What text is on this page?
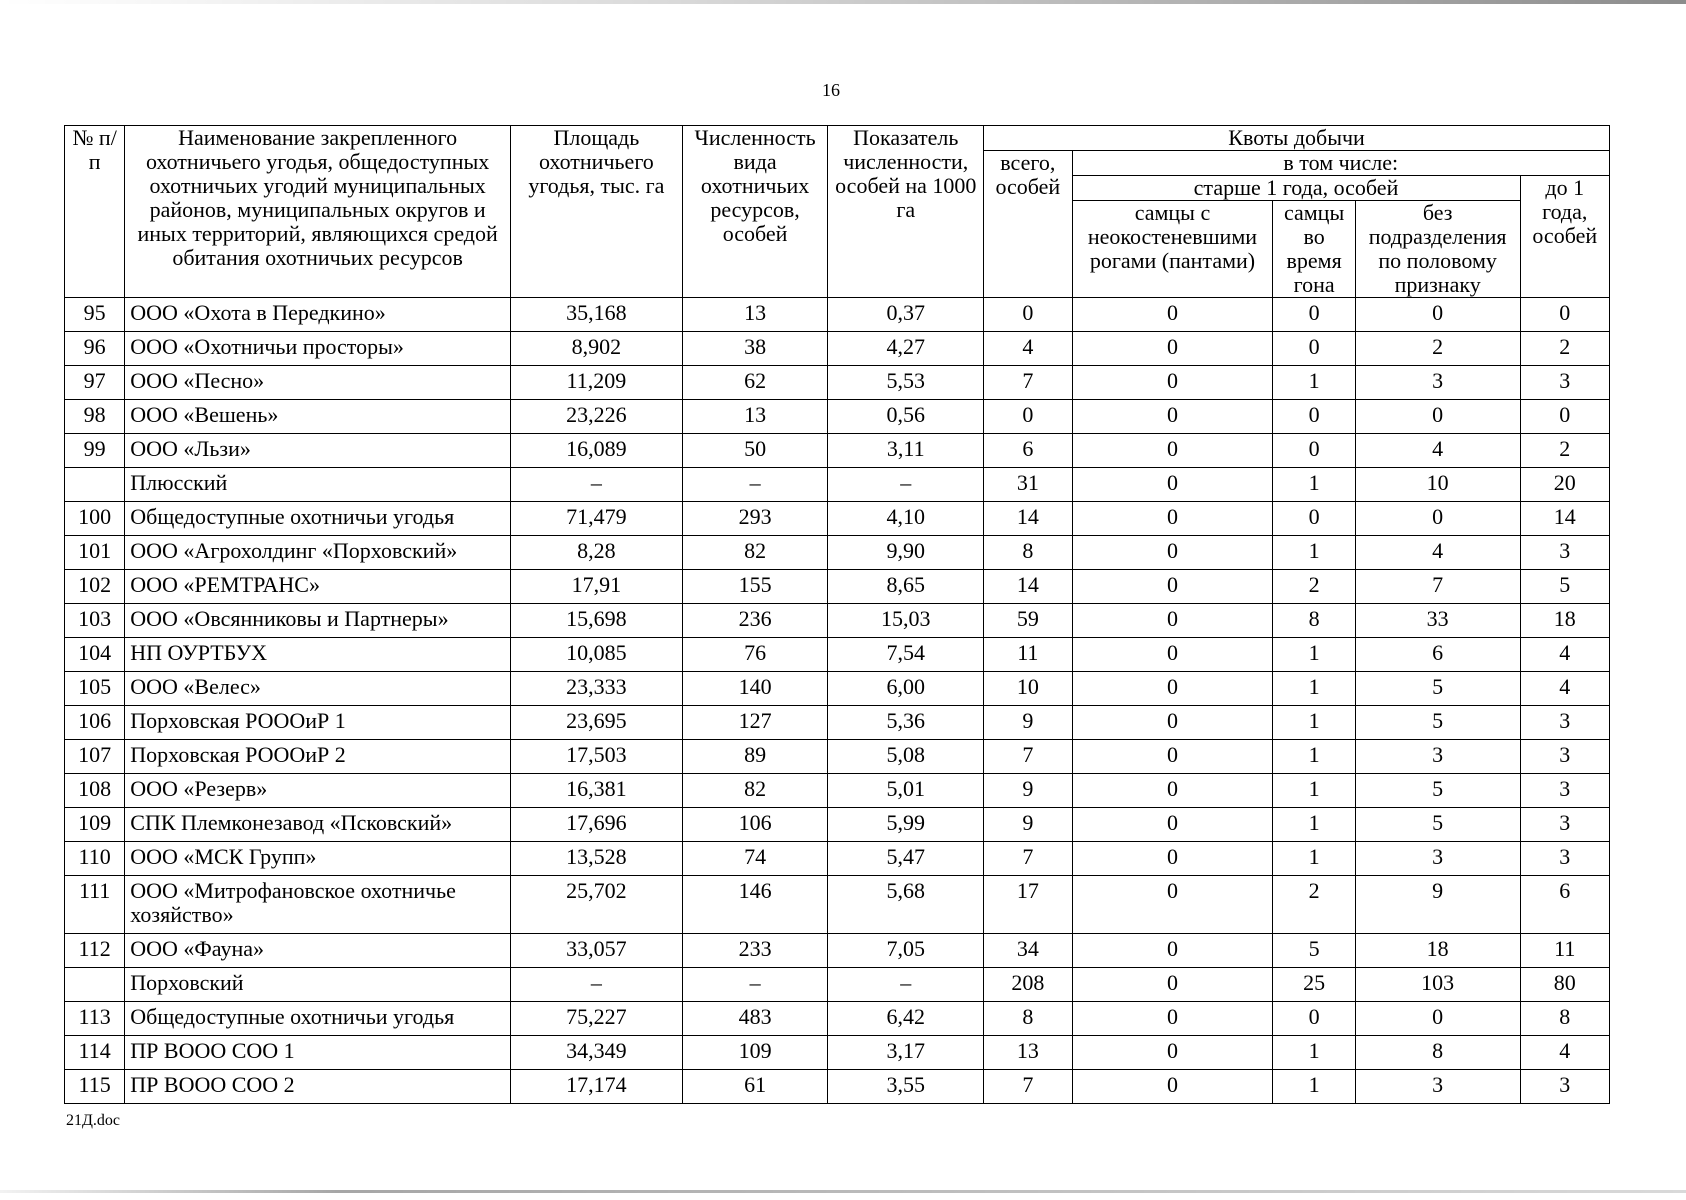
16
№ п/п	Наименование закрепленного охотничьего угодья, общедоступных охотничьих угодий муниципальных районов, муниципальных округов и иных территорий, являющихся средой обитания охотничьих ресурсов	Площадь охотничьего угодья, тыс. га	Численность вида охотничьих ресурсов, особей	Показатель численности, особей на 1000 га	Квоты добычи				
					всего, особей	в том числе:			
						старше 1 года, особей			до 1 года, особей
						самцы с неокостеневшими рогами (пантами)	самцы во время гона	без подразделения по половому признаку	
95	ООО «Охота в Передкино»	35,168	13	0,37	0	0	0	0	0
96	ООО «Охотничьи просторы»	8,902	38	4,27	4	0	0	2	2
97	ООО «Песно»	11,209	62	5,53	7	0	1	3	3
98	ООО «Вешень»	23,226	13	0,56	0	0	0	0	0
99	ООО «Льзи»	16,089	50	3,11	6	0	0	4	2
	Плюсский	–	–	–	31	0	1	10	20
100	Общедоступные охотничьи угодья	71,479	293	4,10	14	0	0	0	14
101	ООО «Агрохолдинг «Порховский»	8,28	82	9,90	8	0	1	4	3
102	ООО «РЕМТРАНС»	17,91	155	8,65	14	0	2	7	5
103	ООО «Овсянниковы и Партнеры»	15,698	236	15,03	59	0	8	33	18
104	НП ОУРТБУХ	10,085	76	7,54	11	0	1	6	4
105	ООО «Велес»	23,333	140	6,00	10	0	1	5	4
106	Порховская РОООиР 1	23,695	127	5,36	9	0	1	5	3
107	Порховская РОООиР 2	17,503	89	5,08	7	0	1	3	3
108	ООО «Резерв»	16,381	82	5,01	9	0	1	5	3
109	СПК Племконезавод «Псковский»	17,696	106	5,99	9	0	1	5	3
110	ООО «МСК Групп»	13,528	74	5,47	7	0	1	3	3
111	ООО «Митрофановское охотничье хозяйство»	25,702	146	5,68	17	0	2	9	6
112	ООО «Фауна»	33,057	233	7,05	34	0	5	18	11
	Порховский	–	–	–	208	0	25	103	80
113	Общедоступные охотничьи угодья	75,227	483	6,42	8	0	0	0	8
114	ПР ВООО СОО 1	34,349	109	3,17	13	0	1	8	4
115	ПР ВООО СОО 2	17,174	61	3,55	7	0	1	3	3
21Д.doc
